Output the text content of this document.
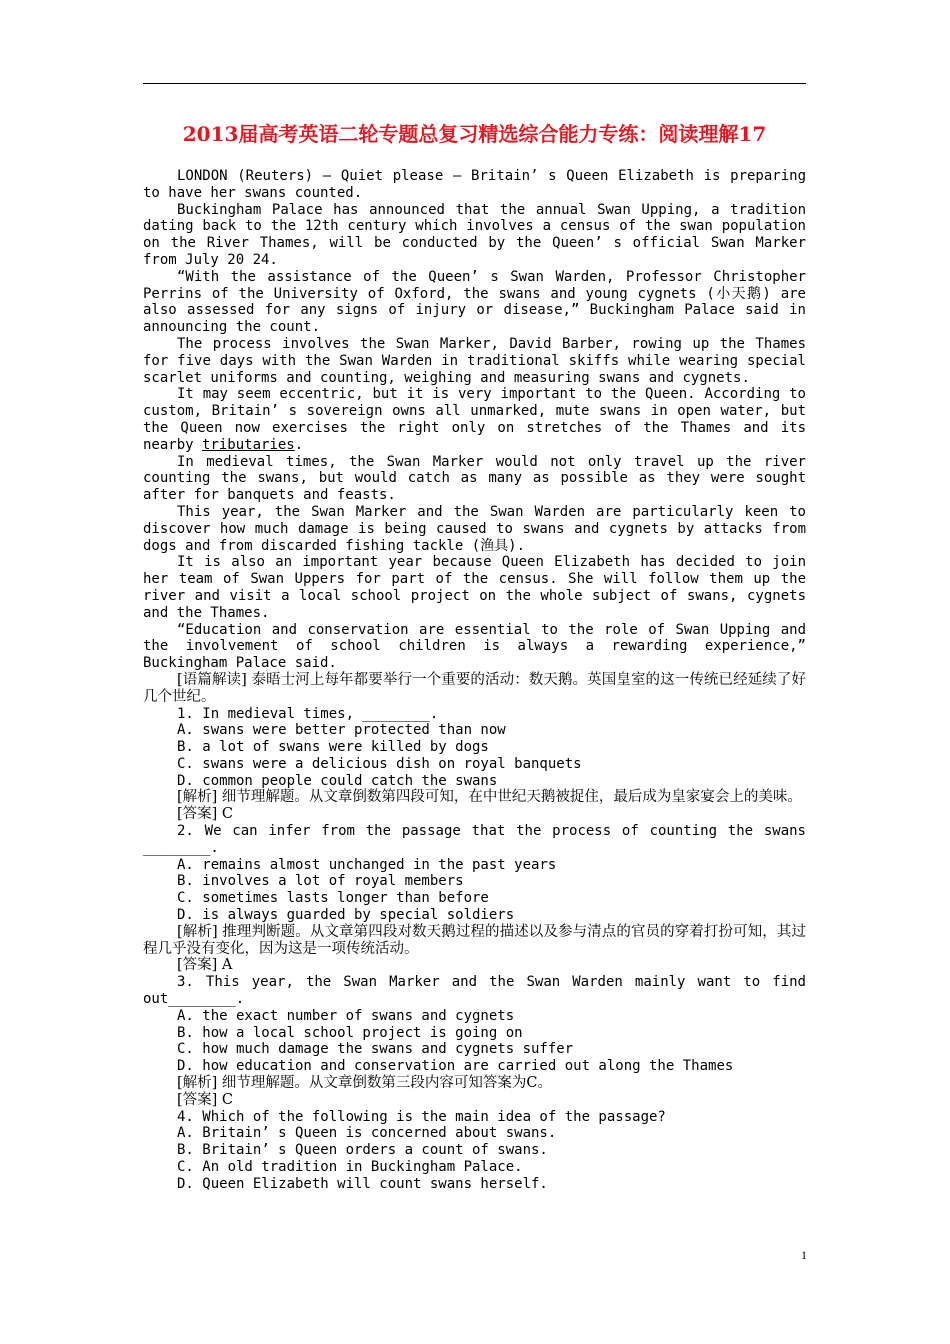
2013届高考英语二轮专题总复习精选综合能力专练：阅读理解17

LONDON (Reuters) — Quiet please — Britain’ s Queen Elizabeth is preparing to have her swans counted.

Buckingham Palace has announced that the annual Swan Upping, a tradition dating back to the 12th century which involves a census of the swan population on the River Thames, will be conducted by the Queen’ s official Swan Marker from July 20 24.

“With the assistance of the Queen’ s Swan Warden, Professor Christopher Perrins of the University of Oxford, the swans and young cygnets (小天鹅) are also assessed for any signs of injury or disease,” Buckingham Palace said in announcing the count.

The process involves the Swan Marker, David Barber, rowing up the Thames for five days with the Swan Warden in traditional skiffs while wearing special scarlet uniforms and counting, weighing and measuring swans and cygnets.

It may seem eccentric, but it is very important to the Queen. According to custom, Britain’ s sovereign owns all unmarked, mute swans in open water, but the Queen now exercises the right only on stretches of the Thames and its nearby tributaries.

In medieval times, the Swan Marker would not only travel up the river counting the swans, but would catch as many as possible as they were sought after for banquets and feasts.

This year, the Swan Marker and the Swan Warden are particularly keen to discover how much damage is being caused to swans and cygnets by attacks from dogs and from discarded fishing tackle (渔具).

It is also an important year because Queen Elizabeth has decided to join her team of Swan Uppers for part of the census. She will follow them up the river and visit a local school project on the whole subject of swans, cygnets and the Thames.

“Education and conservation are essential to the role of Swan Upping and the involvement of school children is always a rewarding experience,” Buckingham Palace said.

[语篇解读] 泰晤士河上每年都要举行一个重要的活动：数天鹅。英国皇室的这一传统已经延续了好几个世纪。

1. In medieval times, ________.

A. swans were better protected than now

B. a lot of swans were killed by dogs

C. swans were a delicious dish on royal banquets

D. common people could catch the swans

[解析] 细节理解题。从文章倒数第四段可知，在中世纪天鹅被捉住，最后成为皇家宴会上的美味。

[答案] C

2. We can infer from the passage that the process of counting the swans ________.

A. remains almost unchanged in the past years

B. involves a lot of royal members

C. sometimes lasts longer than before

D. is always guarded by special soldiers

[解析] 推理判断题。从文章第四段对数天鹅过程的描述以及参与清点的官员的穿着打扮可知，其过程几乎没有变化，因为这是一项传统活动。

[答案] A

3. This year, the Swan Marker and the Swan Warden mainly want to find out________.

A. the exact number of swans and cygnets

B. how a local school project is going on

C. how much damage the swans and cygnets suffer

D. how education and conservation are carried out along the Thames

[解析] 细节理解题。从文章倒数第三段内容可知答案为C。

[答案] C

4. Which of the following is the main idea of the passage?

A. Britain’ s Queen is concerned about swans.

B. Britain’ s Queen orders a count of swans.

C. An old tradition in Buckingham Palace.

D. Queen Elizabeth will count swans herself.

1
